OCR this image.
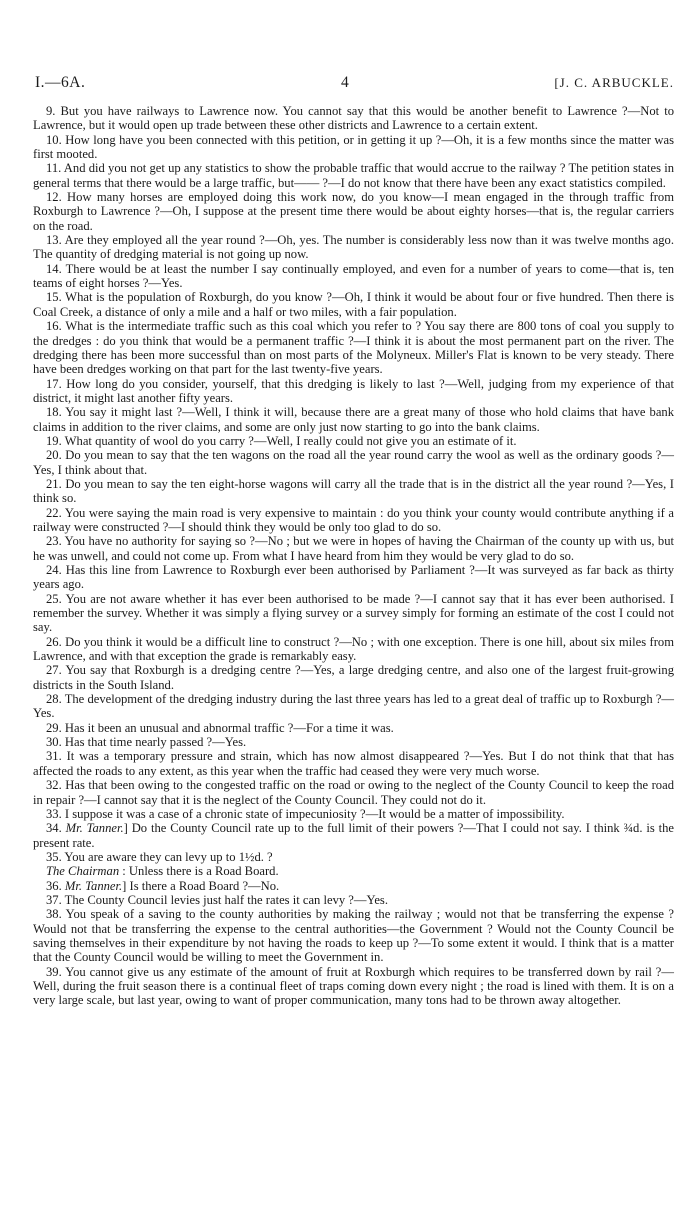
I.—6A.	4	[J. C. ARBUCKLE.

9. But you have railways to Lawrence now. You cannot say that this would be another benefit to Lawrence ?—Not to Lawrence, but it would open up trade between these other districts and Lawrence to a certain extent.

10. How long have you been connected with this petition, or in getting it up ?—Oh, it is a few months since the matter was first mooted.

11. And did you not get up any statistics to show the probable traffic that would accrue to the railway ? The petition states in general terms that there would be a large traffic, but—— ?—I do not know that there have been any exact statistics compiled.

12. How many horses are employed doing this work now, do you know—I mean engaged in the through traffic from Roxburgh to Lawrence ?—Oh, I suppose at the present time there would be about eighty horses—that is, the regular carriers on the road.

13. Are they employed all the year round ?—Oh, yes. The number is considerably less now than it was twelve months ago. The quantity of dredging material is not going up now.

14. There would be at least the number I say continually employed, and even for a number of years to come—that is, ten teams of eight horses ?—Yes.

15. What is the population of Roxburgh, do you know ?—Oh, I think it would be about four or five hundred. Then there is Coal Creek, a distance of only a mile and a half or two miles, with a fair population.

16. What is the intermediate traffic such as this coal which you refer to ? You say there are 800 tons of coal you supply to the dredges : do you think that would be a permanent traffic ?—I think it is about the most permanent part on the river. The dredging there has been more successful than on most parts of the Molyneux. Miller's Flat is known to be very steady. There have been dredges working on that part for the last twenty-five years.

17. How long do you consider, yourself, that this dredging is likely to last ?—Well, judging from my experience of that district, it might last another fifty years.

18. You say it might last ?—Well, I think it will, because there are a great many of those who hold claims that have bank claims in addition to the river claims, and some are only just now starting to go into the bank claims.

19. What quantity of wool do you carry ?—Well, I really could not give you an estimate of it.

20. Do you mean to say that the ten wagons on the road all the year round carry the wool as well as the ordinary goods ?—Yes, I think about that.

21. Do you mean to say the ten eight-horse wagons will carry all the trade that is in the district all the year round ?—Yes, I think so.

22. You were saying the main road is very expensive to maintain : do you think your county would contribute anything if a railway were constructed ?—I should think they would be only too glad to do so.

23. You have no authority for saying so ?—No ; but we were in hopes of having the Chairman of the county up with us, but he was unwell, and could not come up. From what I have heard from him they would be very glad to do so.

24. Has this line from Lawrence to Roxburgh ever been authorised by Parliament ?—It was surveyed as far back as thirty years ago.

25. You are not aware whether it has ever been authorised to be made ?—I cannot say that it has ever been authorised. I remember the survey. Whether it was simply a flying survey or a survey simply for forming an estimate of the cost I could not say.

26. Do you think it would be a difficult line to construct ?—No ; with one exception. There is one hill, about six miles from Lawrence, and with that exception the grade is remarkably easy.

27. You say that Roxburgh is a dredging centre ?—Yes, a large dredging centre, and also one of the largest fruit-growing districts in the South Island.

28. The development of the dredging industry during the last three years has led to a great deal of traffic up to Roxburgh ?—Yes.

29. Has it been an unusual and abnormal traffic ?—For a time it was.

30. Has that time nearly passed ?—Yes.

31. It was a temporary pressure and strain, which has now almost disappeared ?—Yes. But I do not think that that has affected the roads to any extent, as this year when the traffic had ceased they were very much worse.

32. Has that been owing to the congested traffic on the road or owing to the neglect of the County Council to keep the road in repair ?—I cannot say that it is the neglect of the County Council. They could not do it.

33. I suppose it was a case of a chronic state of impecuniosity ?—It would be a matter of impossibility.

34. Mr. Tanner.] Do the County Council rate up to the full limit of their powers ?—That I could not say. I think ¾d. is the present rate.

35. You are aware they can levy up to 1½d. ?

The Chairman : Unless there is a Road Board.

36. Mr. Tanner.] Is there a Road Board ?—No.

37. The County Council levies just half the rates it can levy ?—Yes.

38. You speak of a saving to the county authorities by making the railway ; would not that be transferring the expense ? Would not that be transferring the expense to the central authorities—the Government ? Would not the County Council be saving themselves in their expenditure by not having the roads to keep up ?—To some extent it would. I think that is a matter that the County Council would be willing to meet the Government in.

39. You cannot give us any estimate of the amount of fruit at Roxburgh which requires to be transferred down by rail ?—Well, during the fruit season there is a continual fleet of traps coming down every night ; the road is lined with them. It is on a very large scale, but last year, owing to want of proper communication, many tons had to be thrown away altogether.
